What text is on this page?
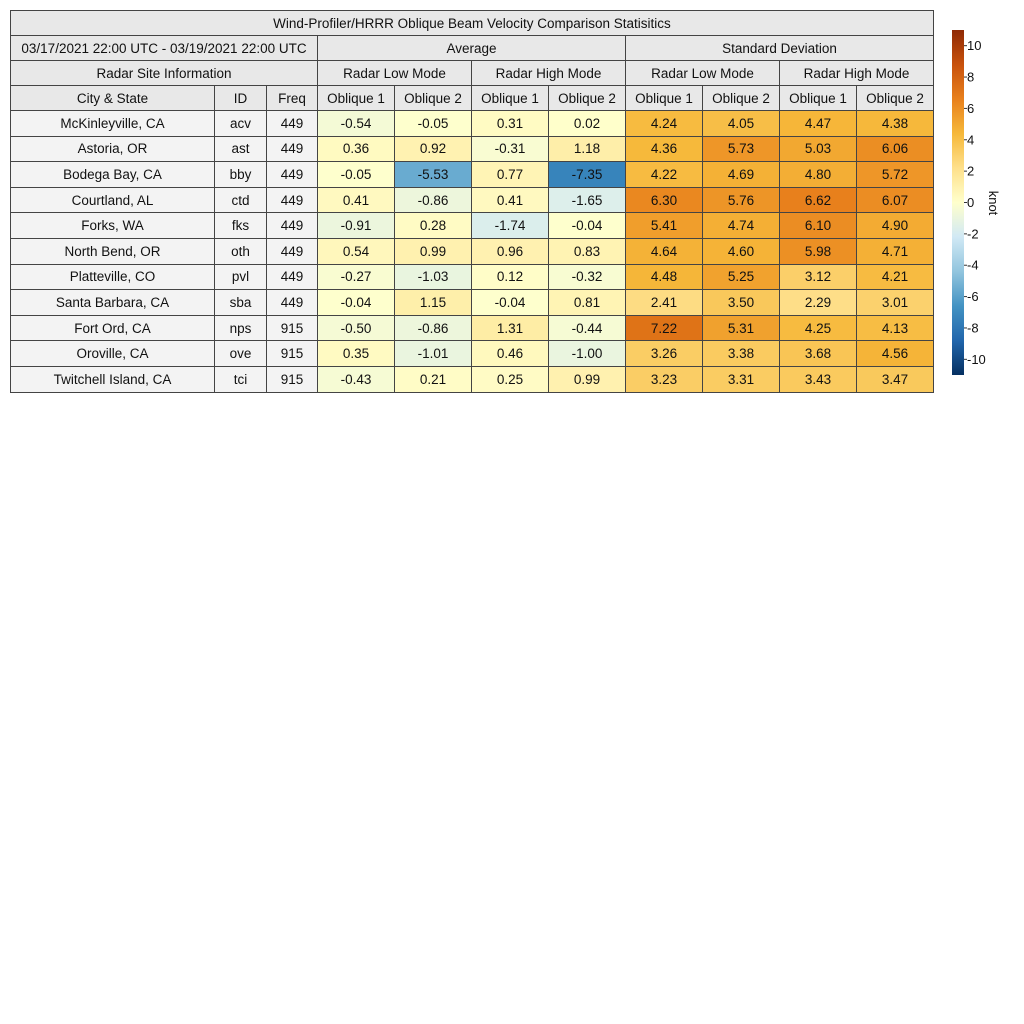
Wind-Profiler/HRRR Oblique Beam Velocity Comparison Statisitics										
03/17/2021 22:00 UTC - 03/19/2021 22:00 UTC			Average				Standard Deviation			
Radar Site Information			Radar Low Mode		Radar High Mode		Radar Low Mode		Radar High Mode	
City & State	ID	Freq	Oblique 1	Oblique 2	Oblique 1	Oblique 2	Oblique 1	Oblique 2	Oblique 1	Oblique 2
McKinleyville, CA	acv	449	-0.54	-0.05	0.31	0.02	4.24	4.05	4.47	4.38
Astoria, OR	ast	449	0.36	0.92	-0.31	1.18	4.36	5.73	5.03	6.06
Bodega Bay, CA	bby	449	-0.05	-5.53	0.77	-7.35	4.22	4.69	4.80	5.72
Courtland, AL	ctd	449	0.41	-0.86	0.41	-1.65	6.30	5.76	6.62	6.07
Forks, WA	fks	449	-0.91	0.28	-1.74	-0.04	5.41	4.74	6.10	4.90
North Bend, OR	oth	449	0.54	0.99	0.96	0.83	4.64	4.60	5.98	4.71
Platteville, CO	pvl	449	-0.27	-1.03	0.12	-0.32	4.48	5.25	3.12	4.21
Santa Barbara, CA	sba	449	-0.04	1.15	-0.04	0.81	2.41	3.50	2.29	3.01
Fort Ord, CA	nps	915	-0.50	-0.86	1.31	-0.44	7.22	5.31	4.25	4.13
Oroville, CA	ove	915	0.35	-1.01	0.46	-1.00	3.26	3.38	3.68	4.56
Twitchell Island, CA	tci	915	-0.43	0.21	0.25	0.99	3.23	3.31	3.43	3.47
10
8
6
4
2
0
-2
-4
-6
-8
-10
knot
